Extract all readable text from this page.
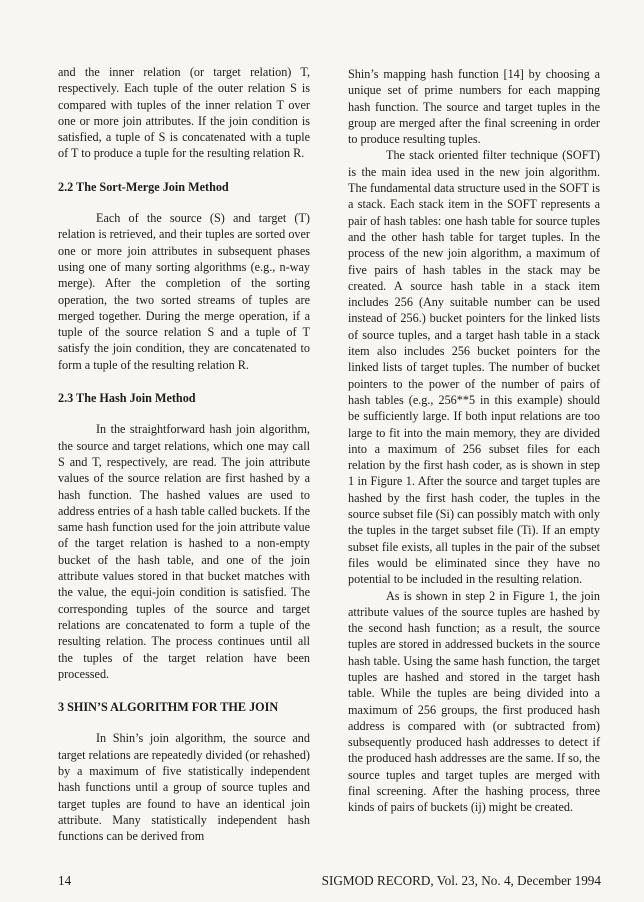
and the inner relation (or target relation) T, respectively. Each tuple of the outer relation S is compared with tuples of the inner relation T over one or more join attributes. If the join condition is satisfied, a tuple of S is concatenated with a tuple of T to produce a tuple for the resulting relation R.

2.2 The Sort-Merge Join Method

Each of the source (S) and target (T) relation is retrieved, and their tuples are sorted over one or more join attributes in subsequent phases using one of many sorting algorithms (e.g., n-way merge). After the completion of the sorting operation, the two sorted streams of tuples are merged together. During the merge operation, if a tuple of the source relation S and a tuple of T satisfy the join condition, they are concatenated to form a tuple of the resulting relation R.

2.3 The Hash Join Method

In the straightforward hash join algorithm, the source and target relations, which one may call S and T, respectively, are read. The join attribute values of the source relation are first hashed by a hash function. The hashed values are used to address entries of a hash table called buckets. If the same hash function used for the join attribute value of the target relation is hashed to a non-empty bucket of the hash table, and one of the join attribute values stored in that bucket matches with the value, the equi-join condition is satisfied. The corresponding tuples of the source and target relations are concatenated to form a tuple of the resulting relation. The process continues until all the tuples of the target relation have been processed.

3 SHIN’S ALGORITHM FOR THE JOIN

In Shin’s join algorithm, the source and target relations are repeatedly divided (or rehashed) by a maximum of five statistically independent hash functions until a group of source tuples and target tuples are found to have an identical join attribute. Many statistically independent hash functions can be derived from

Shin’s mapping hash function [14] by choosing a unique set of prime numbers for each mapping hash function. The source and target tuples in the group are merged after the final screening in order to produce resulting tuples.

The stack oriented filter technique (SOFT) is the main idea used in the new join algorithm. The fundamental data structure used in the SOFT is a stack. Each stack item in the SOFT represents a pair of hash tables: one hash table for source tuples and the other hash table for target tuples. In the process of the new join algorithm, a maximum of five pairs of hash tables in the stack may be created. A source hash table in a stack item includes 256 (Any suitable number can be used instead of 256.) bucket pointers for the linked lists of source tuples, and a target hash table in a stack item also includes 256 bucket pointers for the linked lists of target tuples. The number of bucket pointers to the power of the number of pairs of hash tables (e.g., 256**5 in this example) should be sufficiently large. If both input relations are too large to fit into the main memory, they are divided into a maximum of 256 subset files for each relation by the first hash coder, as is shown in step 1 in Figure 1. After the source and target tuples are hashed by the first hash coder, the tuples in the source subset file (Si) can possibly match with only the tuples in the target subset file (Ti). If an empty subset file exists, all tuples in the pair of the subset files would be eliminated since they have no potential to be included in the resulting relation.

As is shown in step 2 in Figure 1, the join attribute values of the source tuples are hashed by the second hash function; as a result, the source tuples are stored in addressed buckets in the source hash table. Using the same hash function, the target tuples are hashed and stored in the target hash table. While the tuples are being divided into a maximum of 256 groups, the first produced hash address is compared with (or subtracted from) subsequently produced hash addresses to detect if the produced hash addresses are the same. If so, the source tuples and target tuples are merged with final screening. After the hashing process, three kinds of pairs of buckets (ij) might be created.

14	SIGMOD RECORD, Vol. 23, No. 4, December 1994
